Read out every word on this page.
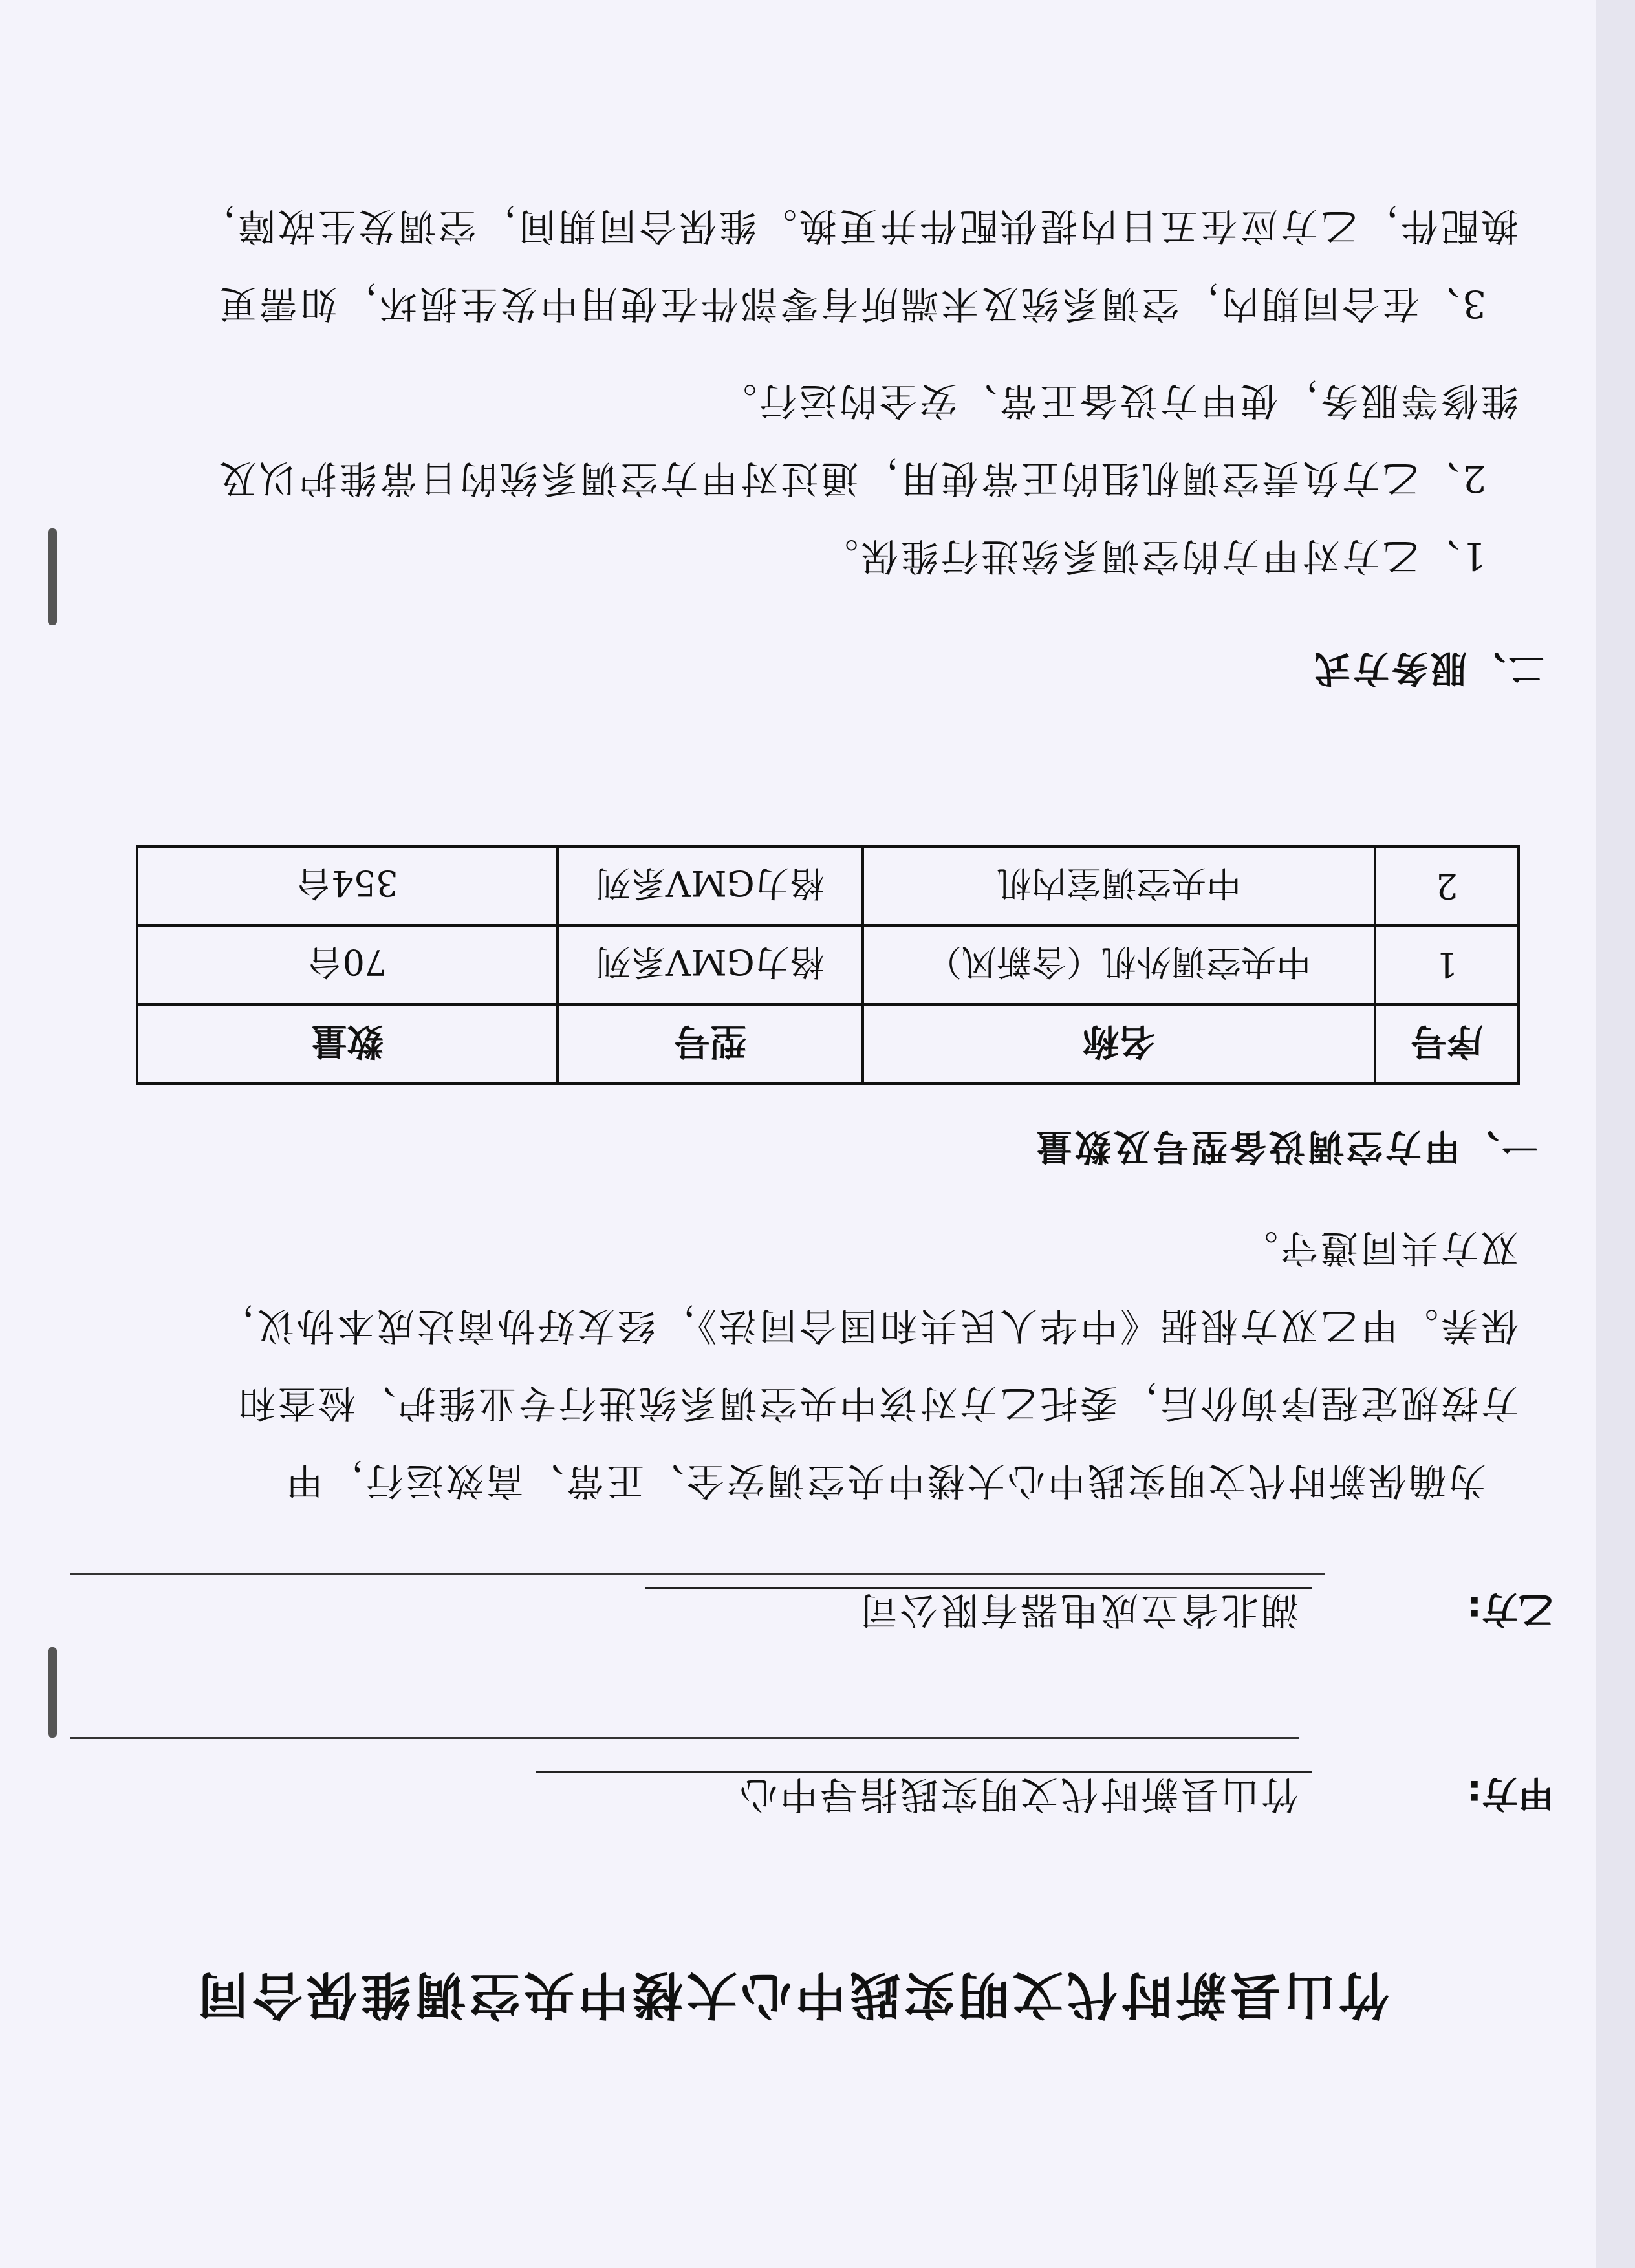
竹山县新时代文明实践中心大楼中央空调维保合同
甲方:
竹山县新时代文明实践指导中心
乙方:
湖北省立成电器有限公司
为确保新时代文明实践中心大楼中央空调安全、正常、高效运行，甲
方按规定程序询价后，委托乙方对该中央空调系统进行专业维护、检查和
保养。甲乙双方根据《中华人民共和国合同法》，经友好协商达成本协议，
双方共同遵守。
一、甲方空调设备型号及数量
序号	名称	型号	数量
1	中央空调外机（含新风）	格力GMV系列	70台
2	中央空调室内机	格力GMV系列	354台
二、服务方式
1、乙方对甲方的空调系统进行维保。
2、乙方负责空调机组的正常使用，通过对甲方空调系统的日常维护以及
维修等服务，使甲方设备正常、安全的运行。
3、在合同期内，空调系统及末端所有零部件在使用中发生损坏，如需更
换配件，乙方应在五日内提供配件并更换。维保合同期间，空调发生故障，
